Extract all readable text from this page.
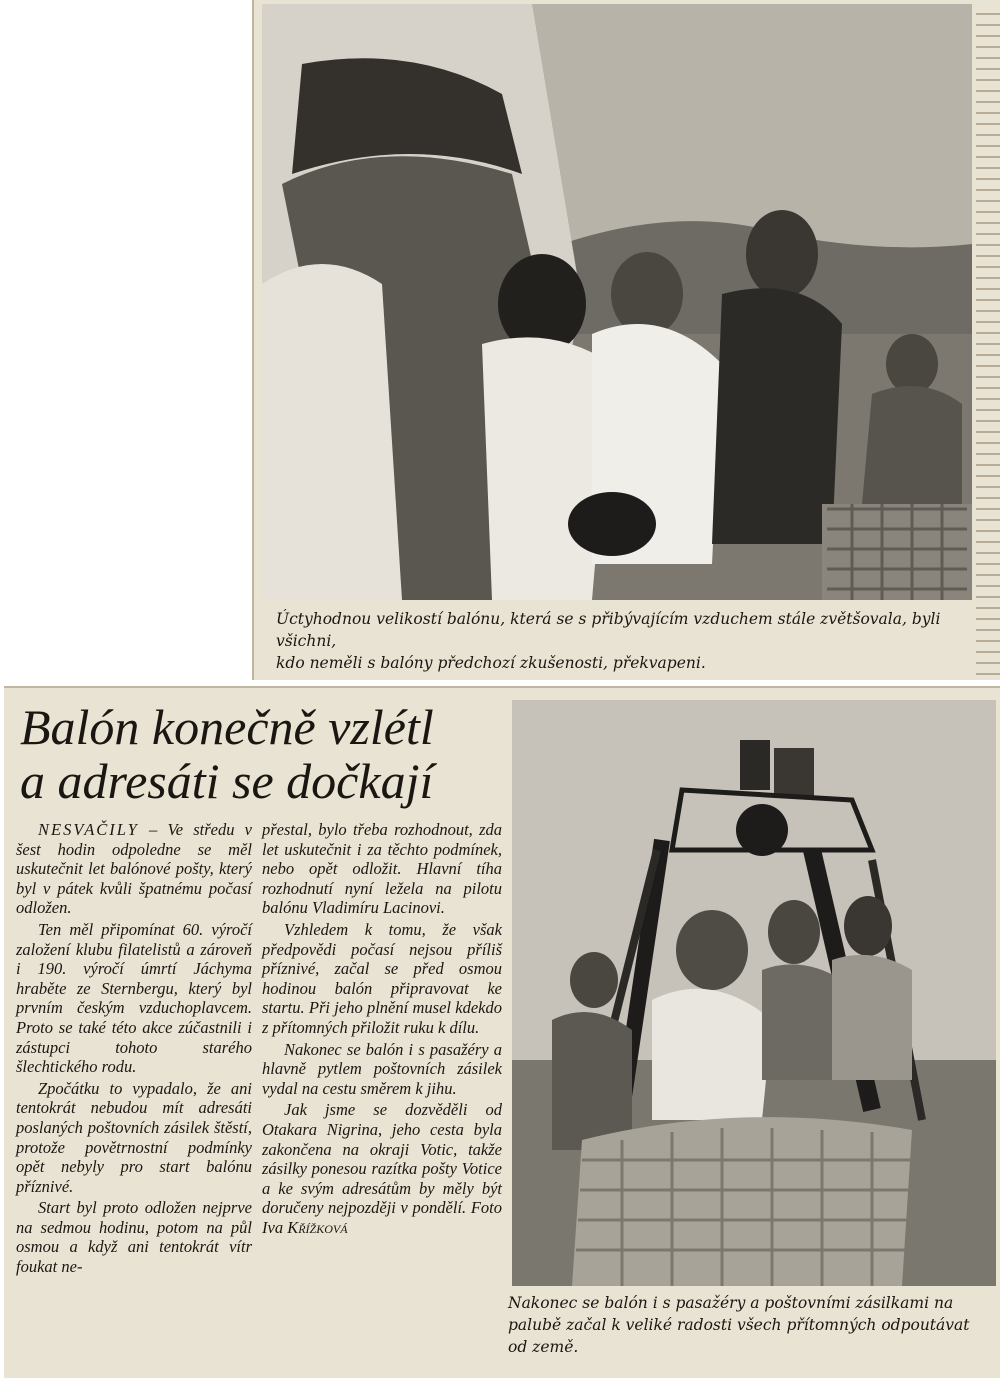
Úctyhodnou velikostí balónu, která se s přibývajícím vzduchem stále zvětšovala, byli všichni,
kdo neměli s balóny předchozí zkušenosti, překvapeni.
Balón konečně vzlétl
a adresáti se dočkají

NESVAČILY – Ve středu v šest hodin odpoledne se měl uskutečnit let balónové pošty, který byl v pátek kvůli špatnému počasí odložen.

Ten měl připomínat 60. výročí založení klubu filatelistů a zároveň i 190. výročí úmrtí Jáchyma hraběte ze Sternbergu, který byl prvním českým vzduchoplavcem. Proto se také této akce zúčastnili i zástupci tohoto starého šlechtického rodu.

Zpočátku to vypadalo, že ani tentokrát nebudou mít adresáti poslaných poštovních zásilek štěstí, protože povětrnostní podmínky opět nebyly pro start balónu příznivé.

Start byl proto odložen nejprve na sedmou hodinu, potom na půl osmou a když ani tentokrát vítr foukat ne-

přestal, bylo třeba rozhodnout, zda let uskutečnit i za těchto podmínek, nebo opět odložit. Hlavní tíha rozhodnutí nyní ležela na pilotu balónu Vladimíru Lacinovi.

Vzhledem k tomu, že však předpovědi počasí nejsou příliš příznivé, začal se před osmou hodinou balón připravovat ke startu. Při jeho plnění musel kdekdo z přítomných přiložit ruku k dílu.

Nakonec se balón i s pasažéry a hlavně pytlem poštovních zásilek vydal na cestu směrem k jihu.

Jak jsme se dozvěděli od Otakara Nigrina, jeho cesta byla zakončena na okraji Votic, takže zásilky ponesou razítka pošty Votice a ke svým adresátům by měly být doručeny nejpozději v pondělí. Foto Iva Křížková

Nakonec se balón i s pasažéry a poštovními zásilkami na
palubě začal k veliké radosti všech přítomných odpoutávat
od země.
